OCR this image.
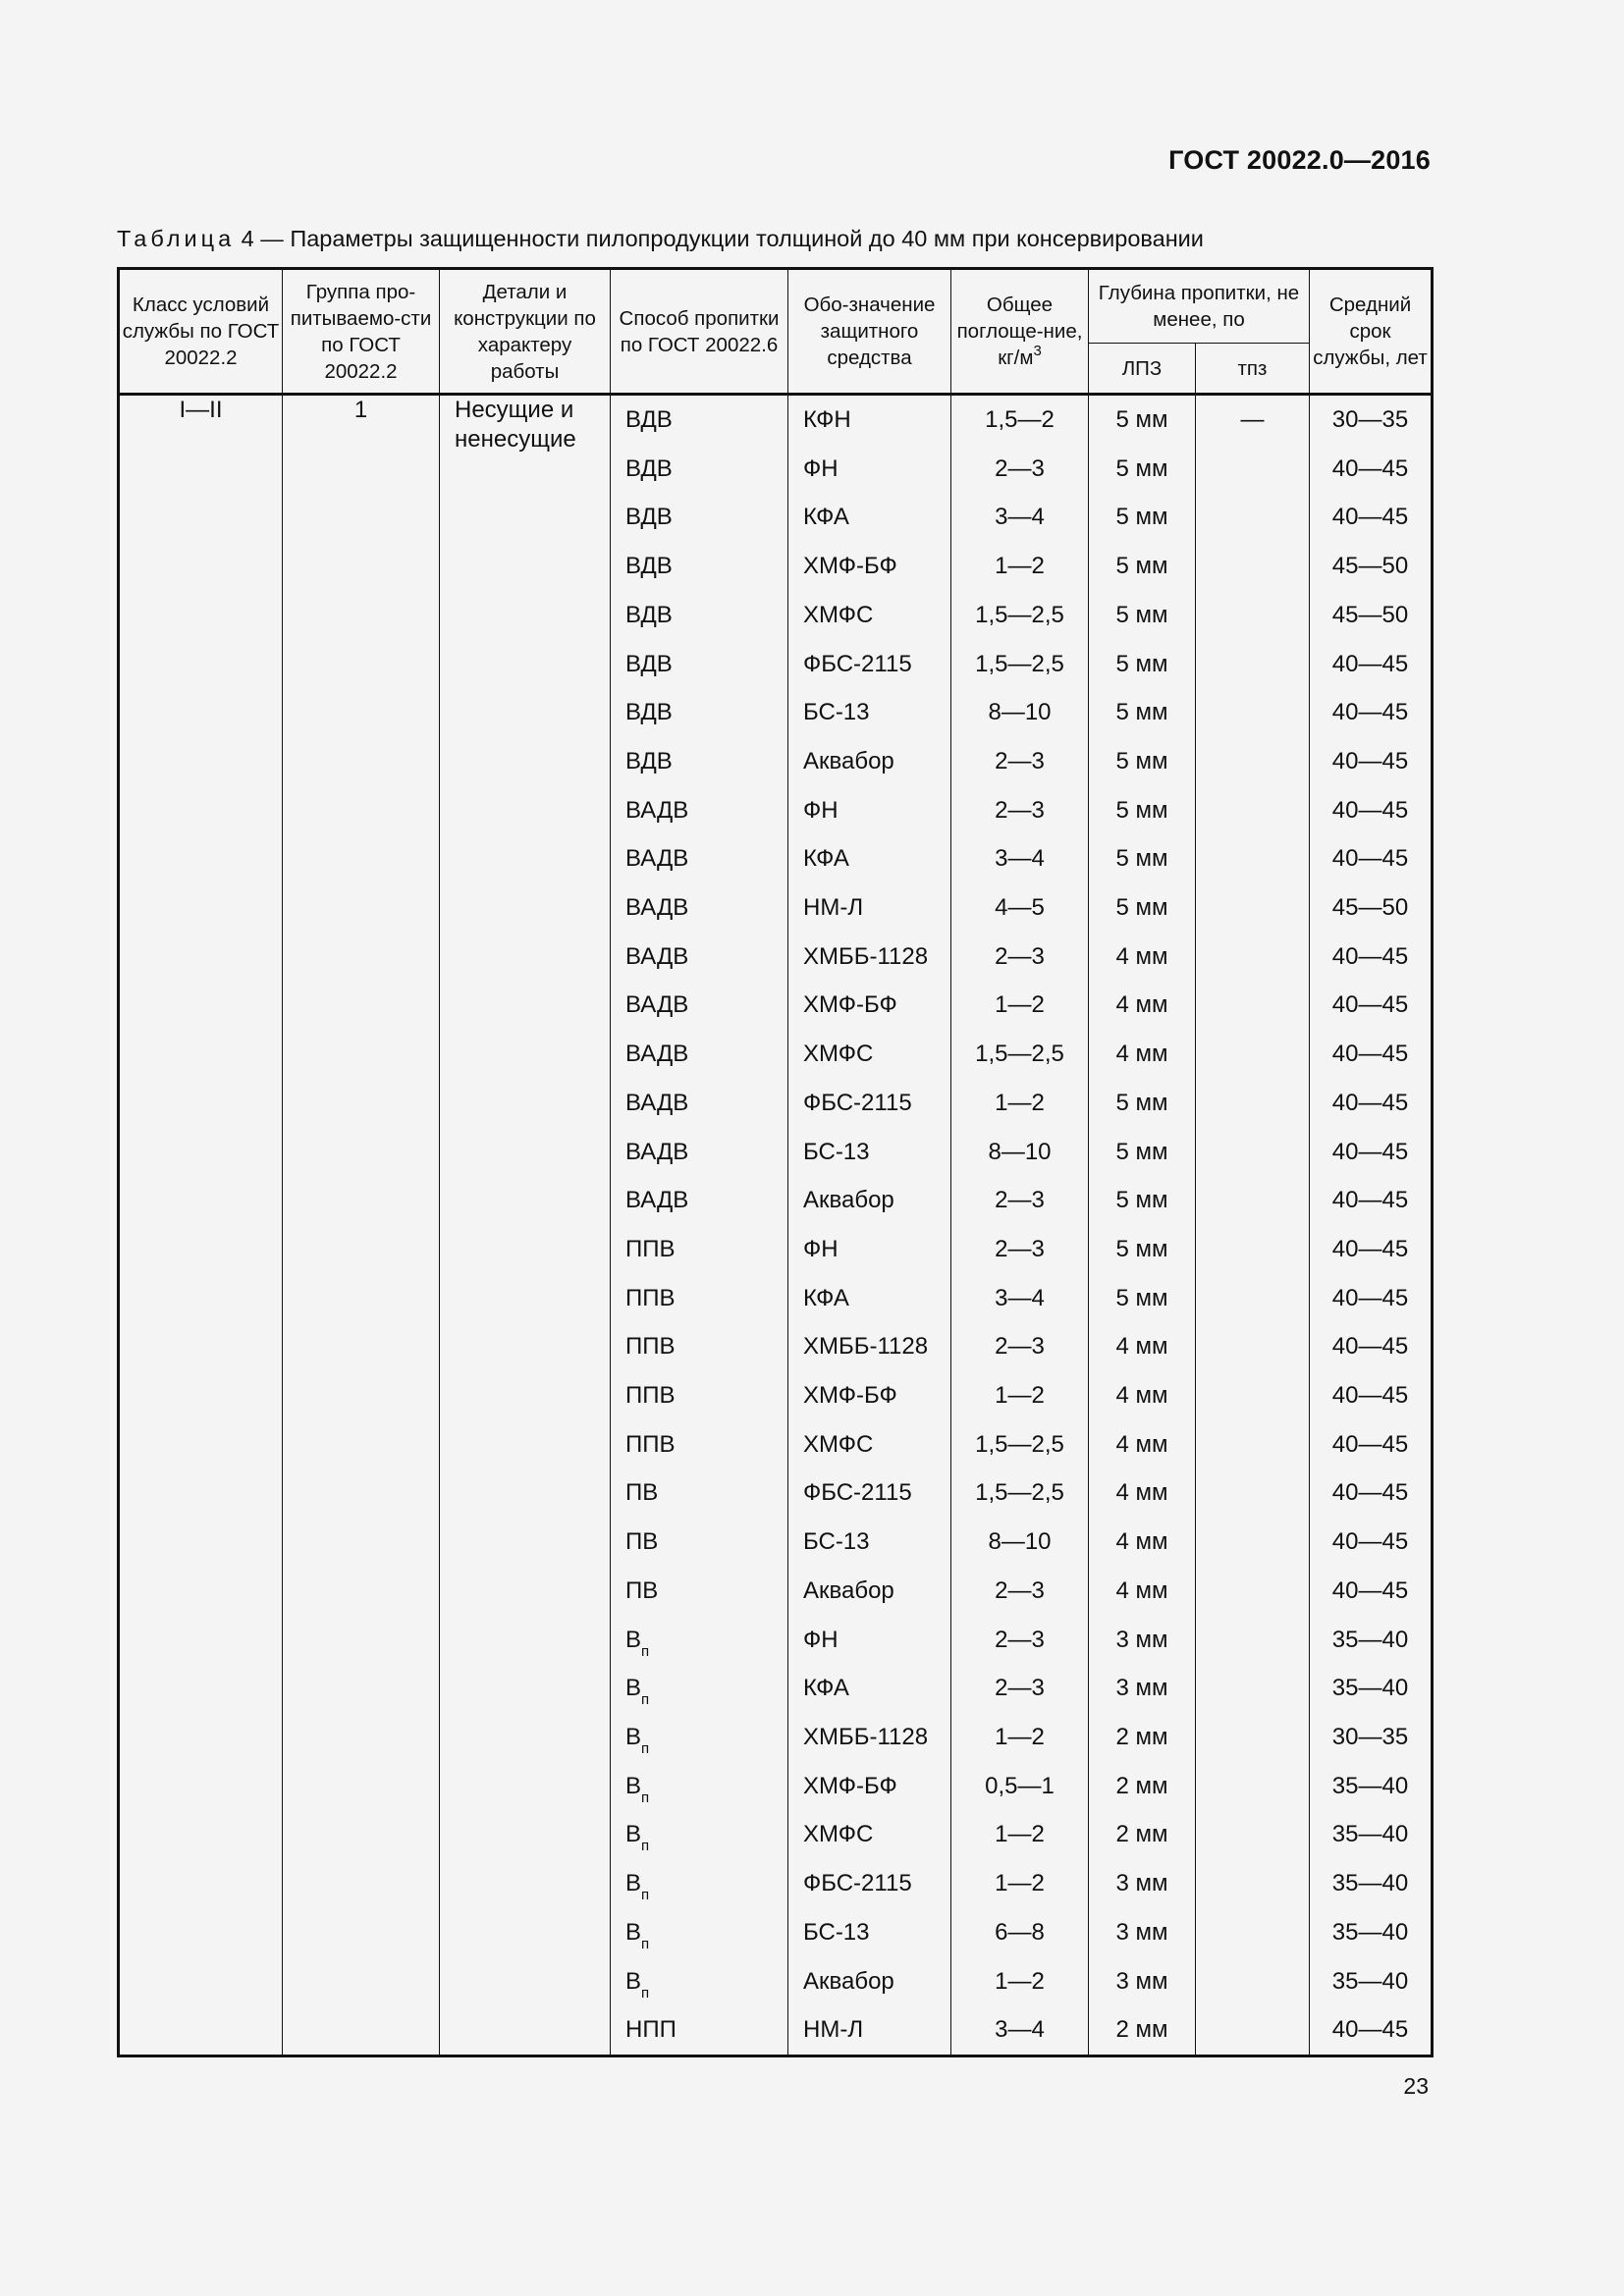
ГОСТ 20022.0—2016
Таблица 4 — Параметры защищенности пилопродукции толщиной до 40 мм при консервировании
Класс условий службы по ГОСТ 20022.2	Группа про-питываемо-сти по ГОСТ 20022.2	Детали и конструкции по характеру работы	Способ пропитки по ГОСТ 20022.6	Обо-значение защитного средства	Общее поглоще-ние, $кг/м^3$	Глубина пропитки, не менее, по		Средний срок службы, лет
						ЛПЗ	тпз	
I—II	1	Несущие и ненесущие	ВДВ	КФН	1,5—2	5 мм	—	30—35
			ВДВ	ФН	2—3	5 мм		40—45
			ВДВ	КФА	3—4	5 мм		40—45
			ВДВ	ХМФ-БФ	1—2	5 мм		45—50
			ВДВ	ХМФС	1,5—2,5	5 мм		45—50
			ВДВ	ФБС-2115	1,5—2,5	5 мм		40—45
			ВДВ	БС-13	8—10	5 мм		40—45
			ВДВ	Аквабор	2—3	5 мм		40—45
			ВАДВ	ФН	2—3	5 мм		40—45
			ВАДВ	КФА	3—4	5 мм		40—45
			ВАДВ	НМ-Л	4—5	5 мм		45—50
			ВАДВ	ХМББ-1128	2—3	4 мм		40—45
			ВАДВ	ХМФ-БФ	1—2	4 мм		40—45
			ВАДВ	ХМФС	1,5—2,5	4 мм		40—45
			ВАДВ	ФБС-2115	1—2	5 мм		40—45
			ВАДВ	БС-13	8—10	5 мм		40—45
			ВАДВ	Аквабор	2—3	5 мм		40—45
			ППВ	ФН	2—3	5 мм		40—45
			ППВ	КФА	3—4	5 мм		40—45
			ППВ	ХМББ-1128	2—3	4 мм		40—45
			ППВ	ХМФ-БФ	1—2	4 мм		40—45
			ППВ	ХМФС	1,5—2,5	4 мм		40—45
			ПВ	ФБС-2115	1,5—2,5	4 мм		40—45
			ПВ	БС-13	8—10	4 мм		40—45
			ПВ	Аквабор	2—3	4 мм		40—45
			$В_п$	ФН	2—3	3 мм		35—40
			$В_п$	КФА	2—3	3 мм		35—40
			$В_п$	ХМББ-1128	1—2	2 мм		30—35
			$В_п$	ХМФ-БФ	0,5—1	2 мм		35—40
			$В_п$	ХМФС	1—2	2 мм		35—40
			$В_п$	ФБС-2115	1—2	3 мм		35—40
			$В_п$	БС-13	6—8	3 мм		35—40
			$В_п$	Аквабор	1—2	3 мм		35—40
			НПП	НМ-Л	3—4	2 мм		40—45
23
